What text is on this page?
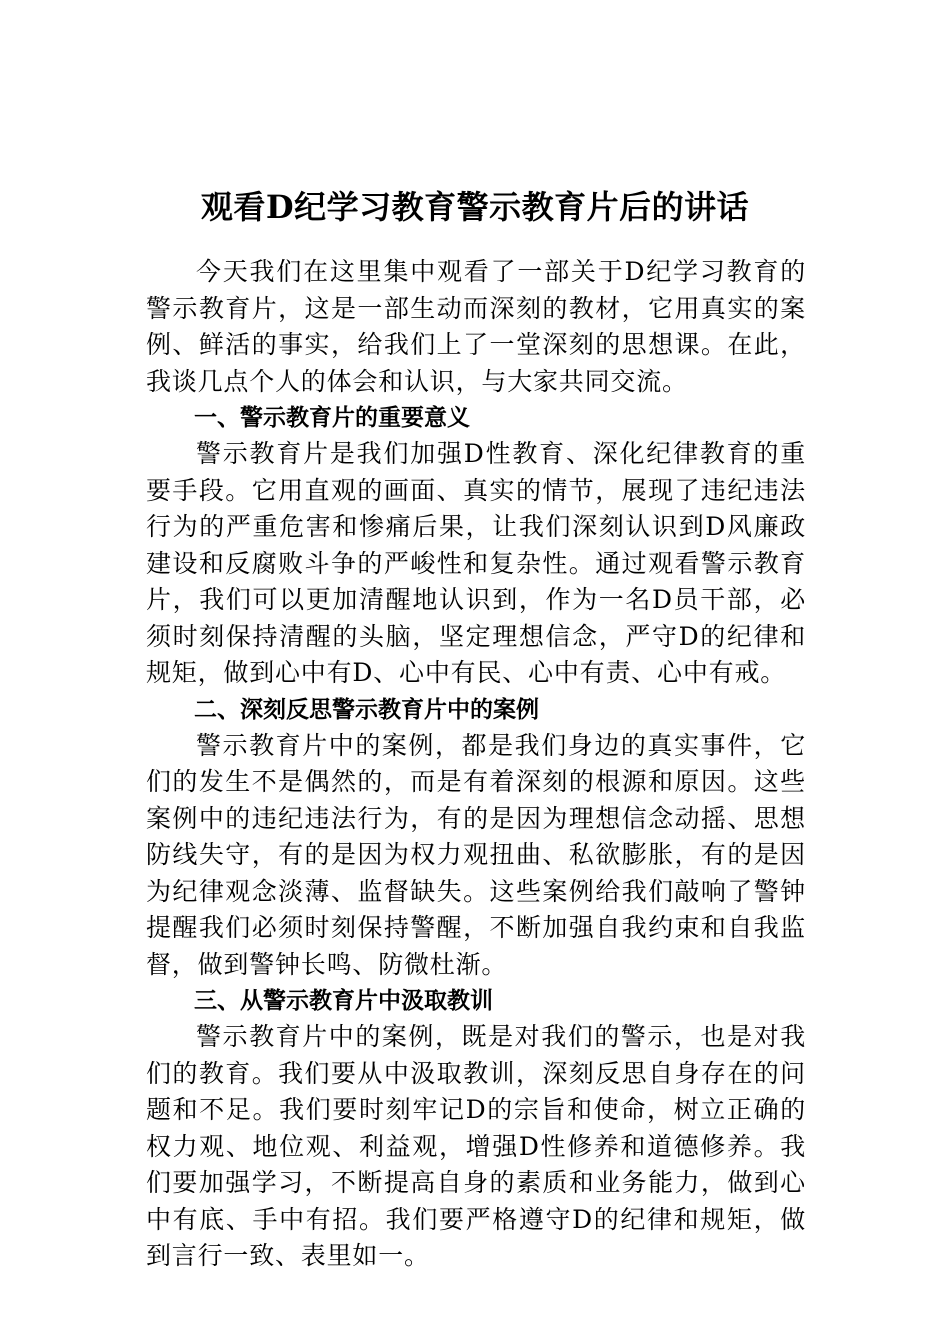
观看D纪学习教育警示教育片后的讲话

今天我们在这里集中观看了一部关于D纪学习教育的警示教育片，这是一部生动而深刻的教材，它用真实的案例、鲜活的事实，给我们上了一堂深刻的思想课。在此，我谈几点个人的体会和认识，与大家共同交流。

一、警示教育片的重要意义

警示教育片是我们加强D性教育、深化纪律教育的重要手段。它用直观的画面、真实的情节，展现了违纪违法行为的严重危害和惨痛后果，让我们深刻认识到D风廉政建设和反腐败斗争的严峻性和复杂性。通过观看警示教育片，我们可以更加清醒地认识到，作为一名D员干部，必须时刻保持清醒的头脑，坚定理想信念，严守D的纪律和规矩，做到心中有D、心中有民、心中有责、心中有戒。

二、深刻反思警示教育片中的案例

警示教育片中的案例，都是我们身边的真实事件，它们的发生不是偶然的，而是有着深刻的根源和原因。这些案例中的违纪违法行为，有的是因为理想信念动摇、思想防线失守，有的是因为权力观扭曲、私欲膨胀，有的是因为纪律观念淡薄、监督缺失。这些案例给我们敲响了警钟提醒我们必须时刻保持警醒，不断加强自我约束和自我监督，做到警钟长鸣、防微杜渐。

三、从警示教育片中汲取教训

警示教育片中的案例，既是对我们的警示，也是对我们的教育。我们要从中汲取教训，深刻反思自身存在的问题和不足。我们要时刻牢记D的宗旨和使命，树立正确的权力观、地位观、利益观，增强D性修养和道德修养。我们要加强学习，不断提高自身的素质和业务能力，做到心中有底、手中有招。我们要严格遵守D的纪律和规矩，做到言行一致、表里如一。
